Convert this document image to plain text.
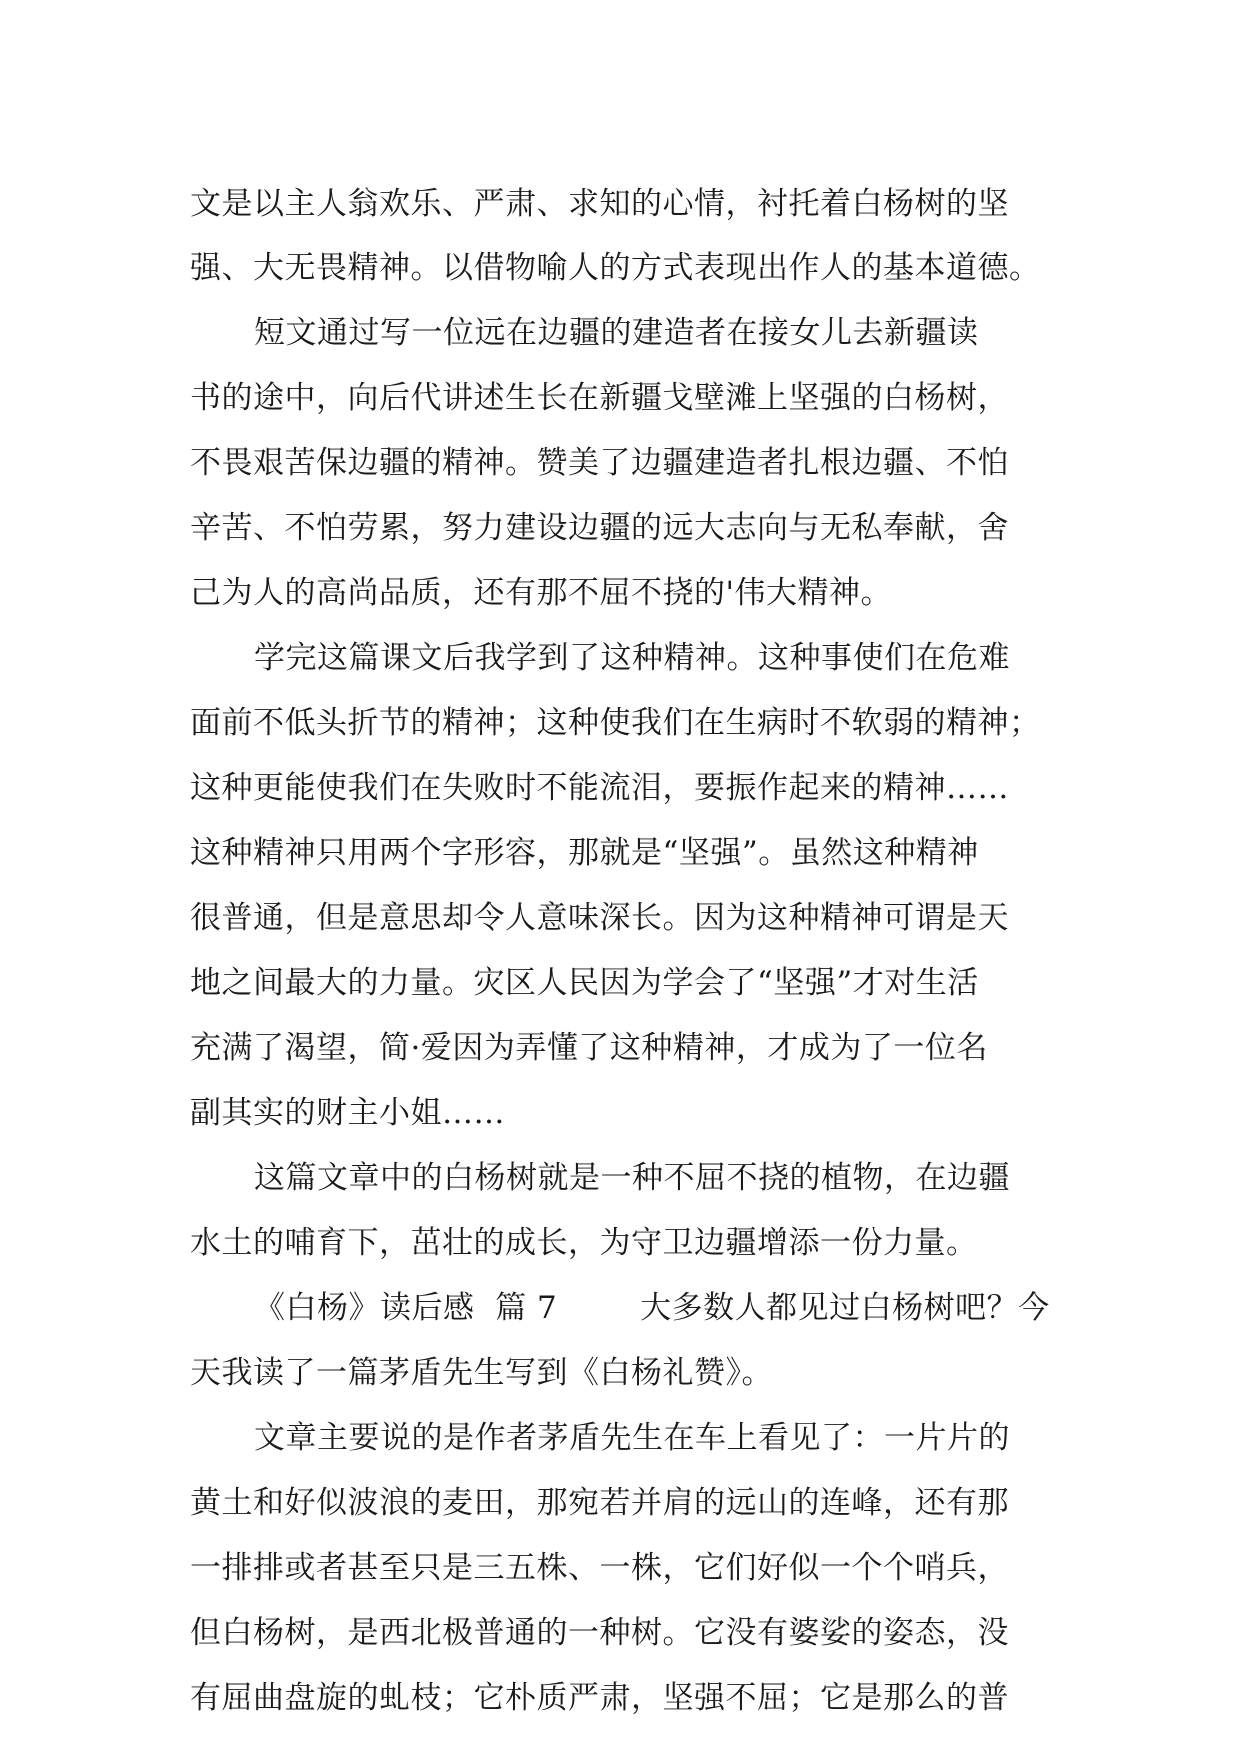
文是以主人翁欢乐、严肃、求知的心情，衬托着白杨树的坚

强、大无畏精神。以借物喻人的方式表现出作人的基本道德。

短文通过写一位远在边疆的建造者在接女儿去新疆读

书的途中，向后代讲述生长在新疆戈壁滩上坚强的白杨树，

不畏艰苦保边疆的精神。赞美了边疆建造者扎根边疆、不怕

辛苦、不怕劳累，努力建设边疆的远大志向与无私奉献，舍

己为人的高尚品质，还有那不屈不挠的'伟大精神。

学完这篇课文后我学到了这种精神。这种事使们在危难

面前不低头折节的精神；这种使我们在生病时不软弱的精神；

这种更能使我们在失败时不能流泪，要振作起来的精神……

这种精神只用两个字形容，那就是“坚强”。虽然这种精神

很普通，但是意思却令人意味深长。因为这种精神可谓是天

地之间最大的力量。灾区人民因为学会了“坚强”才对生活

充满了渴望，简·爱因为弄懂了这种精神，才成为了一位名

副其实的财主小姐……

这篇文章中的白杨树就是一种不屈不挠的植物，在边疆

水土的哺育下，茁壮的成长，为守卫边疆增添一份力量。

《白杨》读后感  篇 7        大多数人都见过白杨树吧？今

天我读了一篇茅盾先生写到《白杨礼赞》。

文章主要说的是作者茅盾先生在车上看见了：一片片的

黄土和好似波浪的麦田，那宛若并肩的远山的连峰，还有那

一排排或者甚至只是三五株、一株，它们好似一个个哨兵，

但白杨树，是西北极普通的一种树。它没有婆娑的姿态，没

有屈曲盘旋的虬枝；它朴质严肃，坚强不屈；它是那么的普
